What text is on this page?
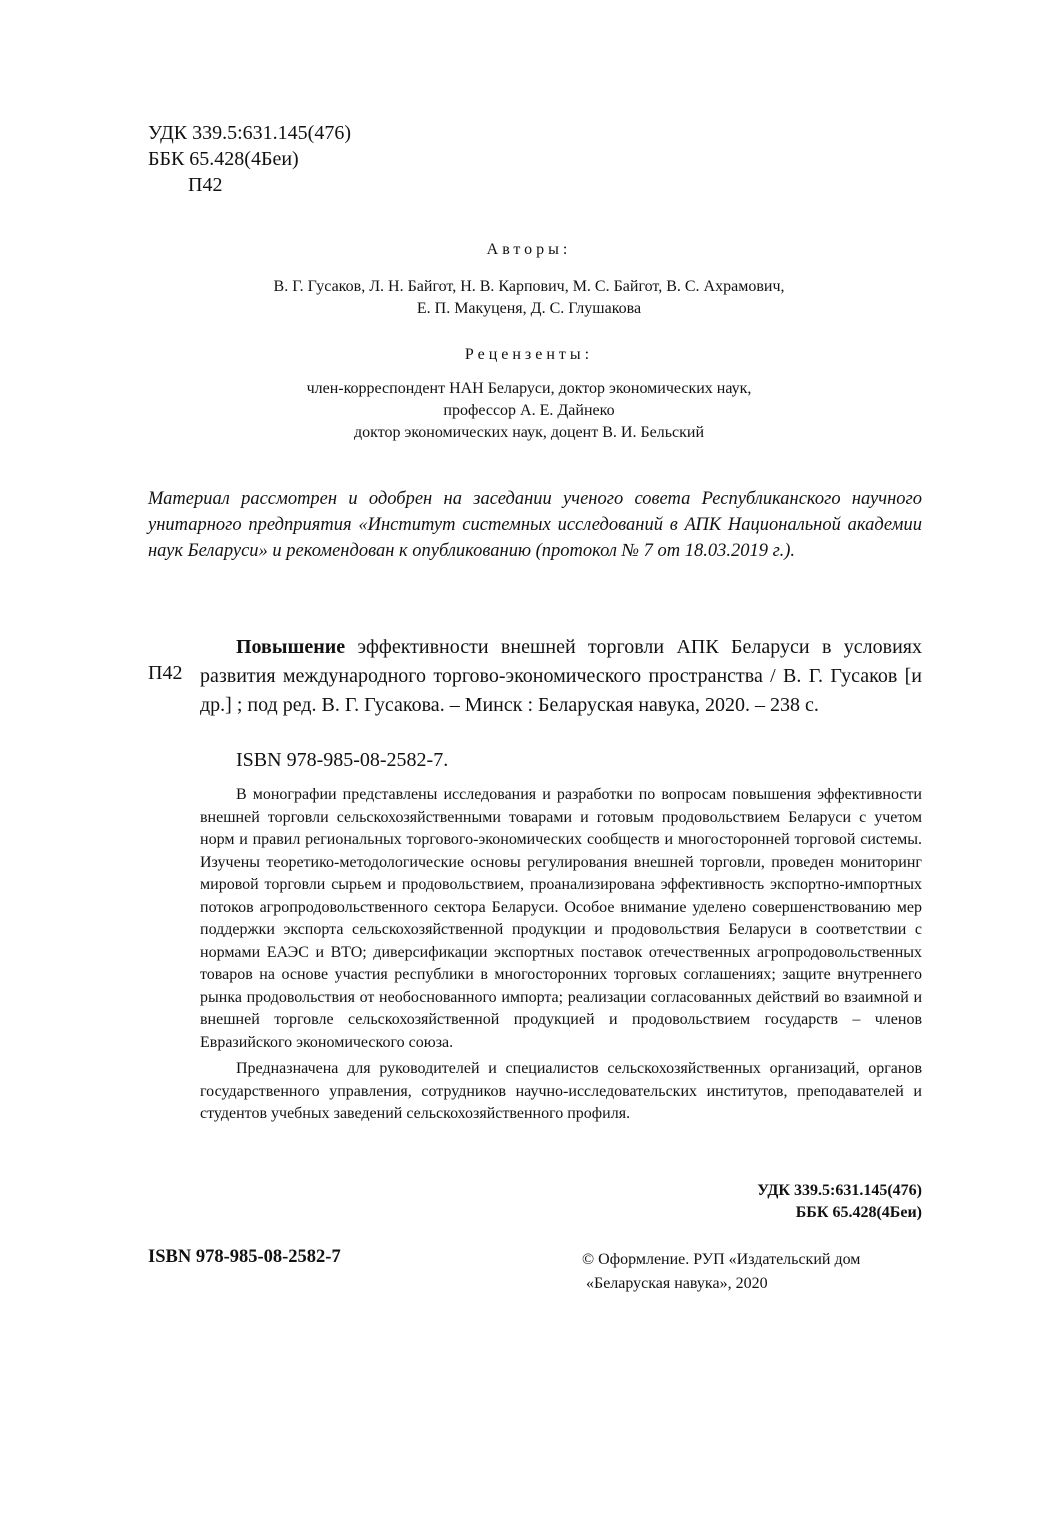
УДК 339.5:631.145(476)
ББК 65.428(4Беи)
П42
Авторы:
В. Г. Гусаков, Л. Н. Байгот, Н. В. Карпович, М. С. Байгот, В. С. Ахрамович,
Е. П. Макуценя, Д. С. Глушакова
Рецензенты:
член-корреспондент НАН Беларуси, доктор экономических наук,
профессор А. Е. Дайнеко
доктор экономических наук, доцент В. И. Бельский
Материал рассмотрен и одобрен на заседании ученого совета Республиканского научного унитарного предприятия «Институт системных исследований в АПК Национальной академии наук Беларуси» и рекомендован к опубликованию (протокол № 7 от 18.03.2019 г.).
П42
Повышение эффективности внешней торговли АПК Беларуси в условиях развития международного торгово-экономического пространства / В. Г. Гусаков [и др.] ; под ред. В. Г. Гусакова. – Минск : Беларуская навука, 2020. – 238 с.
ISBN 978-985-08-2582-7.

В монографии представлены исследования и разработки по вопросам повышения эффективности внешней торговли сельскохозяйственными товарами и готовым продовольствием Беларуси с учетом норм и правил региональных торгового-экономических сообществ и многосторонней торговой системы. Изучены теоретико-методологические основы регулирования внешней торговли, проведен мониторинг мировой торговли сырьем и продовольствием, проанализирована эффективность экспортно-импортных потоков агропродовольственного сектора Беларуси. Особое внимание уделено совершенствованию мер поддержки экспорта сельскохозяйственной продукции и продовольствия Беларуси в соответствии с нормами ЕАЭС и ВТО; диверсификации экспортных поставок отечественных агропродовольственных товаров на основе участия республики в многосторонних торговых соглашениях; защите внутреннего рынка продовольствия от необоснованного импорта; реализации согласованных действий во взаимной и внешней торговле сельскохозяйственной продукцией и продовольствием государств – членов Евразийского экономического союза.

Предназначена для руководителей и специалистов сельскохозяйственных организаций, органов государственного управления, сотрудников научно-исследовательских институтов, преподавателей и студентов учебных заведений сельскохозяйственного профиля.

УДК 339.5:631.145(476)
ББК 65.428(4Беи)
ISBN 978-985-08-2582-7	© Оформление. РУП «Издательский дом
«Беларуская навука», 2020
